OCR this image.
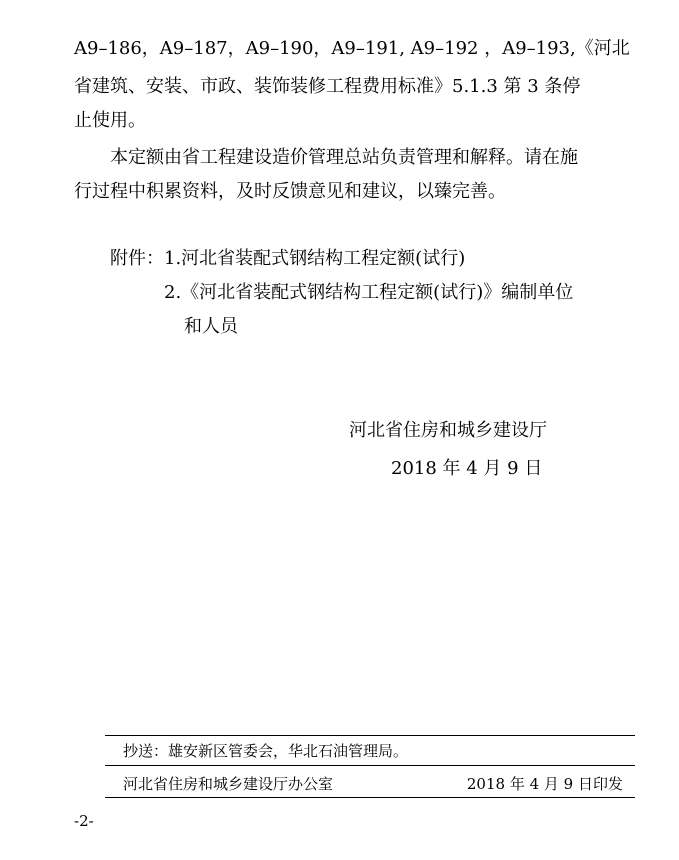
A9–186，A9–187，A9–190，A9–191, A9–192 ，A9–193,《河北
省建筑、安装、市政、装饰装修工程费用标准》5.1.3 第 3 条停
止使用。
本定额由省工程建设造价管理总站负责管理和解释。请在施
行过程中积累资料，及时反馈意见和建议，以臻完善。
附件： 1.河北省装配式钢结构工程定额(试行)
2.《河北省装配式钢结构工程定额(试行)》编制单位
和人员
河北省住房和城乡建设厅
2018 年 4 月 9 日
抄送：雄安新区管委会，华北石油管理局。
河北省住房和城乡建设厅办公室	2018 年 4 月 9 日印发
-2-
